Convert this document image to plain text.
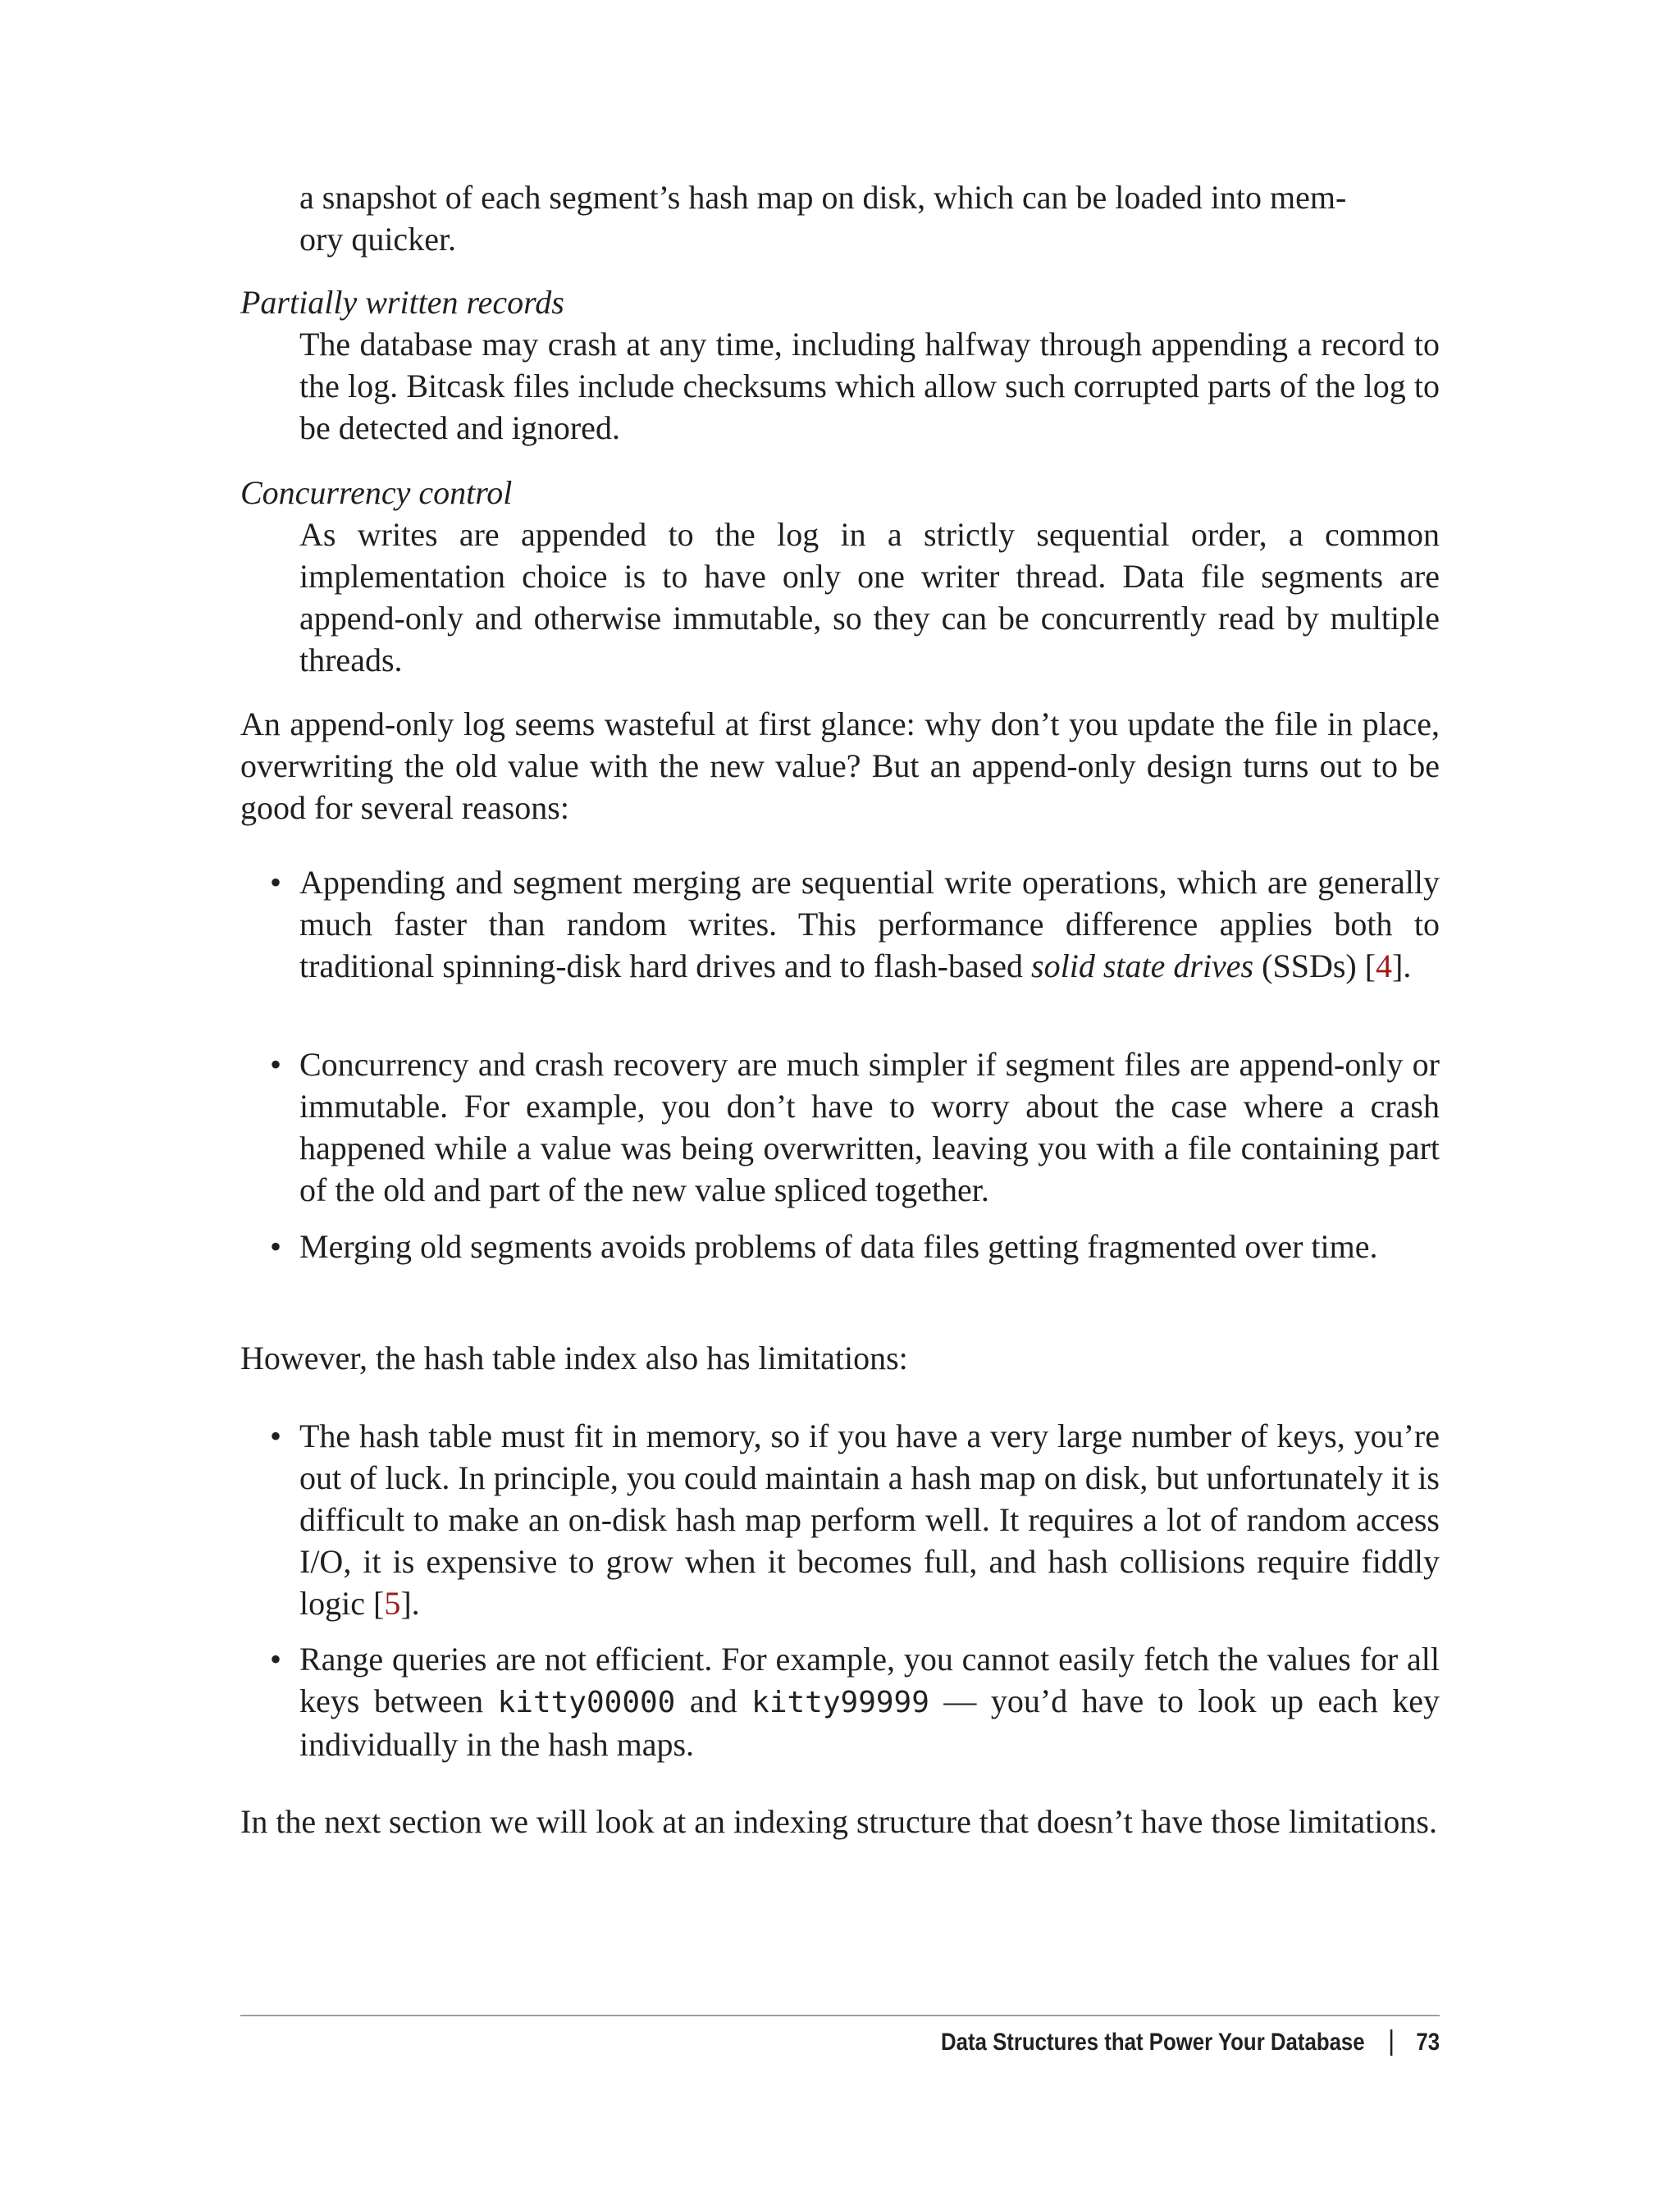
a snapshot of each segment’s hash map on disk, which can be loaded into mem-

ory quicker.

Partially written records

The database may crash at any time, including halfway through appending a record to the log. Bitcask files include checksums which allow such corrupted parts of the log to be detected and ignored.

Concurrency control

As writes are appended to the log in a strictly sequential order, a common implementation choice is to have only one writer thread. Data file segments are append-only and otherwise immutable, so they can be concurrently read by multiple threads.

An append-only log seems wasteful at first glance: why don’t you update the file in place, overwriting the old value with the new value? But an append-only design turns out to be good for several reasons:

• Appending and segment merging are sequential write operations, which are generally much faster than random writes. This performance difference applies both to traditional spinning-disk hard drives and to flash-based solid state drives (SSDs) [4].
• Concurrency and crash recovery are much simpler if segment files are append-only or immutable. For example, you don’t have to worry about the case where a crash happened while a value was being overwritten, leaving you with a file containing part of the old and part of the new value spliced together.
• Merging old segments avoids problems of data files getting fragmented over time.

However, the hash table index also has limitations:

• The hash table must fit in memory, so if you have a very large number of keys, you’re out of luck. In principle, you could maintain a hash map on disk, but unfortunately it is difficult to make an on-disk hash map perform well. It requires a lot of random access I/O, it is expensive to grow when it becomes full, and hash collisions require fiddly logic [5].
• Range queries are not efficient. For example, you cannot easily fetch the values for all keys between kitty00000 and kitty99999 — you’d have to look up each key individually in the hash maps.

In the next section we will look at an indexing structure that doesn’t have those limitations.

Data Structures that Power Your Database 73
